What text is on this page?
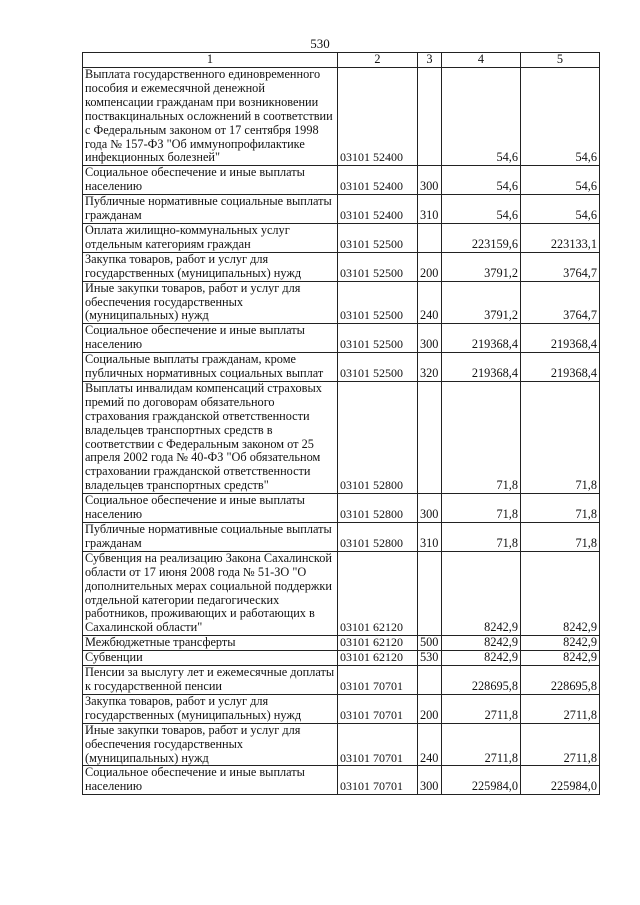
530
1	2	3	4	5
Выплата государственного единовременного пособия и ежемесячной денежной компенсации гражданам при возникновении поствакцинальных осложнений в соответствии с Федеральным законом от 17 сентября 1998 года № 157-ФЗ "Об иммунопрофилактике инфекционных болезней"	03101 52400		54,6	54,6
Социальное обеспечение и иные выплаты населению	03101 52400	300	54,6	54,6
Публичные нормативные социальные выплаты гражданам	03101 52400	310	54,6	54,6
Оплата жилищно-коммунальных услуг отдельным категориям граждан	03101 52500		223159,6	223133,1
Закупка товаров, работ и услуг для государственных (муниципальных) нужд	03101 52500	200	3791,2	3764,7
Иные закупки товаров, работ и услуг для обеспечения государственных (муниципальных) нужд	03101 52500	240	3791,2	3764,7
Социальное обеспечение и иные выплаты населению	03101 52500	300	219368,4	219368,4
Социальные выплаты гражданам, кроме публичных нормативных социальных выплат	03101 52500	320	219368,4	219368,4
Выплаты инвалидам компенсаций страховых премий по договорам обязательного страхования гражданской ответственности владельцев транспортных средств в соответствии с Федеральным законом от 25 апреля 2002 года № 40-ФЗ "Об обязательном страховании гражданской ответственности владельцев транспортных средств"	03101 52800		71,8	71,8
Социальное обеспечение и иные выплаты населению	03101 52800	300	71,8	71,8
Публичные нормативные социальные выплаты гражданам	03101 52800	310	71,8	71,8
Субвенция на реализацию Закона Сахалинской области от 17 июня 2008 года № 51-ЗО "О дополнительных мерах социальной поддержки отдельной категории педагогических работников, проживающих и работающих в Сахалинской области"	03101 62120		8242,9	8242,9
Межбюджетные трансферты	03101 62120	500	8242,9	8242,9
Субвенции	03101 62120	530	8242,9	8242,9
Пенсии за выслугу лет и ежемесячные доплаты к государственной пенсии	03101 70701		228695,8	228695,8
Закупка товаров, работ и услуг для государственных (муниципальных) нужд	03101 70701	200	2711,8	2711,8
Иные закупки товаров, работ и услуг для обеспечения государственных (муниципальных) нужд	03101 70701	240	2711,8	2711,8
Социальное обеспечение и иные выплаты населению	03101 70701	300	225984,0	225984,0
